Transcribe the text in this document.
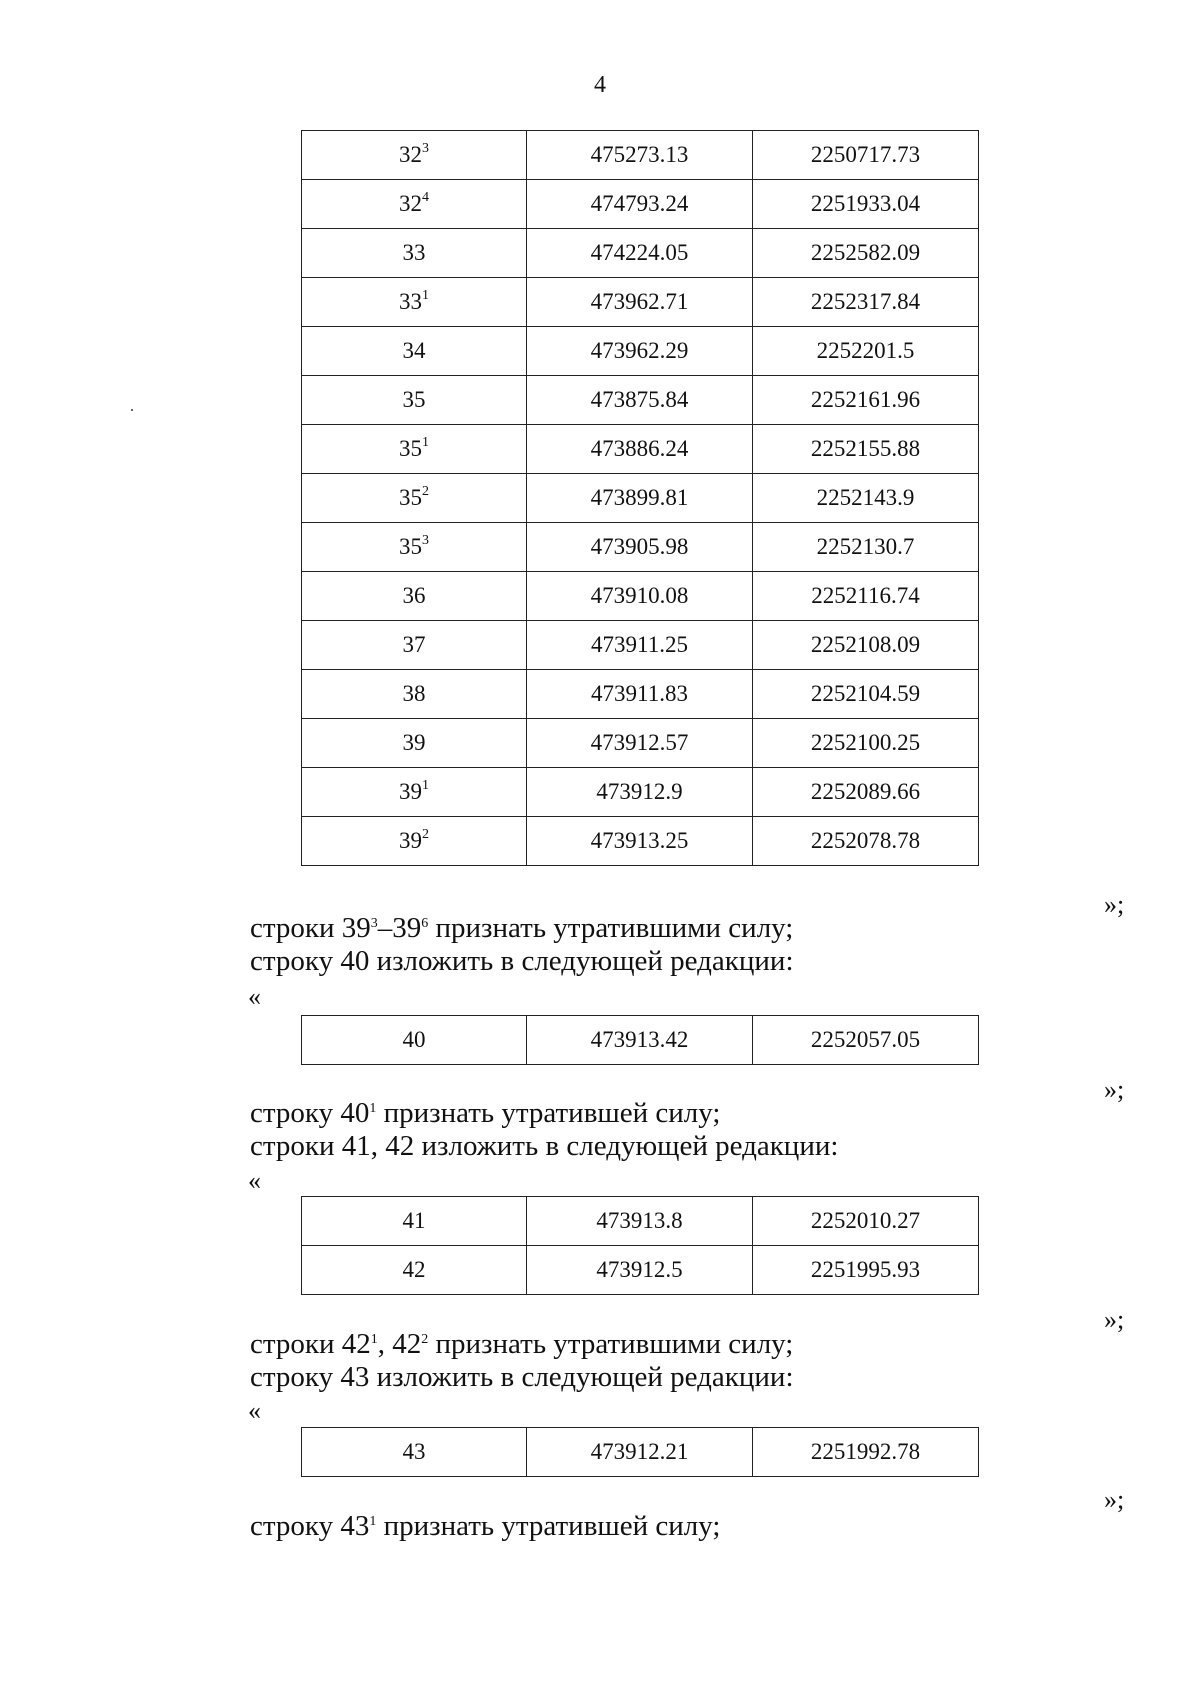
4
$32^3$	475273.13	2250717.73
$32^4$	474793.24	2251933.04
33	474224.05	2252582.09
$33^1$	473962.71	2252317.84
34	473962.29	2252201.5
35	473875.84	2252161.96
$35^1$	473886.24	2252155.88
$35^2$	473899.81	2252143.9
$35^3$	473905.98	2252130.7
36	473910.08	2252116.74
37	473911.25	2252108.09
38	473911.83	2252104.59
39	473912.57	2252100.25
$39^1$	473912.9	2252089.66
$39^2$	473913.25	2252078.78
»;
строки $39^3-39^6$ признать утратившими силу;
строку 40 изложить в следующей редакции:
«
40	473913.42	2252057.05
»;
строку $40^1$ признать утратившей силу;
строки 41, 42 изложить в следующей редакции:
«
41	473913.8	2252010.27
42	473912.5	2251995.93
»;
строки $42^1$, $42^2$ признать утратившими силу;
строку 43 изложить в следующей редакции:
«
43	473912.21	2251992.78
»;
строку $43^1$ признать утратившей силу;
